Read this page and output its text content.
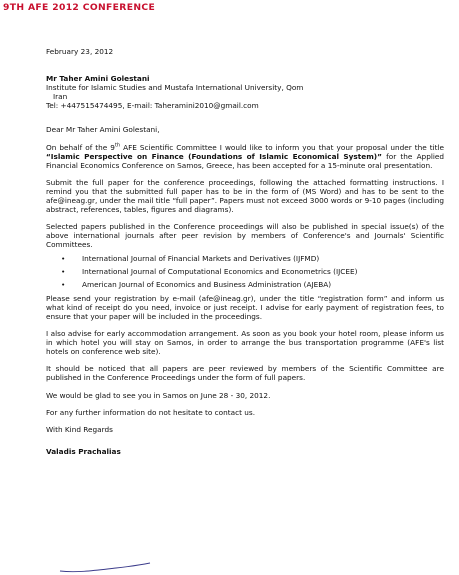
9TH AFE 2012 CONFERENCE

February 23, 2012

Mr Taher Amini Golestani

Institute for Islamic Studies and Mustafa International University, Qom

Iran

Tel: +447515474495, E-mail: Taheramini2010@gmail.com

Dear Mr Taher Amini Golestani,

On behalf of the 9th AFE Scientific Committee I would like to inform you that your proposal under the title “Islamic Perspective on Finance (Foundations of Islamic Economical System)” for the Applied Financial Economics Conference on Samos, Greece, has been accepted for a 15-minute oral presentation.

Submit the full paper for the conference proceedings, following the attached formatting instructions. I remind you that the submitted full paper has to be in the form of (MS Word) and has to be sent to the afe@ineag.gr, under the mail title “full paper”. Papers must not exceed 3000 words or 9-10 pages (including abstract, references, tables, figures and diagrams).

Selected papers published in the Conference proceedings will also be published in special issue(s) of the above international journals after peer revision by members of Conference's and Journals' Scientific Committees.

• International Journal of Financial Markets and Derivatives (IJFMD)
• International Journal of Computational Economics and Econometrics (IJCEE)
• American Journal of Economics and Business Administration (AJEBA)

Please send your registration by e-mail (afe@ineag.gr), under the title “registration form” and inform us what kind of receipt do you need, invoice or just receipt. I advise for early payment of registration fees, to ensure that your paper will be included in the proceedings.

I also advise for early accommodation arrangement. As soon as you book your hotel room, please inform us in which hotel you will stay on Samos, in order to arrange the bus transportation programme (AFE's list hotels on conference web site).

It should be noticed that all papers are peer reviewed by members of the Scientific Committee are published in the Conference Proceedings under the form of full papers.

We would be glad to see you in Samos on June 28 - 30, 2012.

For any further information do not hesitate to contact us.

With Kind Regards

Valadis Prachalias
